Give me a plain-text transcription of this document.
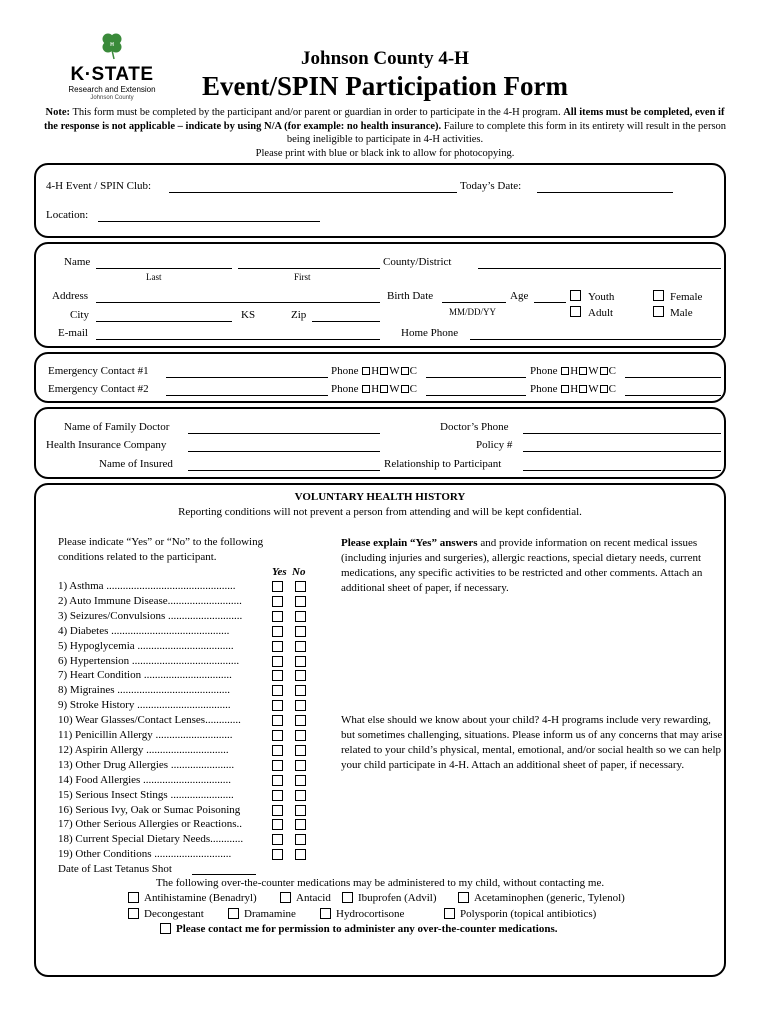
H
K·STATE
Research and Extension
Johnson County
Johnson County 4-H
Event/SPIN Participation Form
Note: This form must be completed by the participant and/or parent or guardian in order to participate in the 4-H program. All items must be completed, even if the response is not applicable – indicate by using N/A (for example: no health insurance). Failure to complete this form in its entirety will result in the person being ineligible to participate in 4-H activities.
Please print with blue or black ink to allow for photocopying.
4-H Event / SPIN Club:	Today’s Date:
Location:
Name
Last	First
County/District
Address	Birth Date	Age	Youth	Female
City	KS	Zip	MM/DD/YY	Adult	Male
E-mail	Home Phone
Emergency Contact #1	Phone H W C	Phone H W C
Emergency Contact #2	Phone H W C	Phone H W C
Name of Family Doctor	Doctor’s Phone
Health Insurance Company	Policy #
Name of Insured	Relationship to Participant
VOLUNTARY HEALTH HISTORY
Reporting conditions will not prevent a person from attending and will be kept confidential.
Please indicate “Yes” or “No” to the following
conditions related to the participant.
Yes No
1) Asthma ...............................................
2) Auto Immune Disease...........................
3) Seizures/Convulsions ...........................
4) Diabetes ...........................................
5) Hypoglycemia ...................................
6) Hypertension .......................................
7) Heart Condition ................................
8) Migraines .........................................
9) Stroke History ..................................
10) Wear Glasses/Contact Lenses.............
11) Penicillin Allergy ............................
12) Aspirin Allergy ..............................
13) Other Drug Allergies .......................
14) Food Allergies ................................
15) Serious Insect Stings .......................
16) Serious Ivy, Oak or Sumac Poisoning
17) Other Serious Allergies or Reactions..
18) Current Special Dietary Needs............
19) Other Conditions ............................
Date of Last Tetanus Shot
Please explain “Yes” answers and provide information on recent medical issues (including injuries and surgeries), allergic reactions, special dietary needs, current medications, any specific activities to be restricted and other comments. Attach an additional sheet of paper, if necessary.
What else should we know about your child? 4-H programs include very rewarding, but sometimes challenging, situations. Please inform us of any concerns that may arise related to your child’s physical, mental, emotional, and/or social health so we can help your child participate in 4-H. Attach an additional sheet of paper, if necessary.
The following over-the-counter medications may be administered to my child, without contacting me.
Antihistamine (Benadryl)	Antacid Ibuprofen (Advil)	Acetaminophen (generic, Tylenol)
Decongestant	Dramamine	Hydrocortisone	Polysporin (topical antibiotics)
Please contact me for permission to administer any over-the-counter medications.
